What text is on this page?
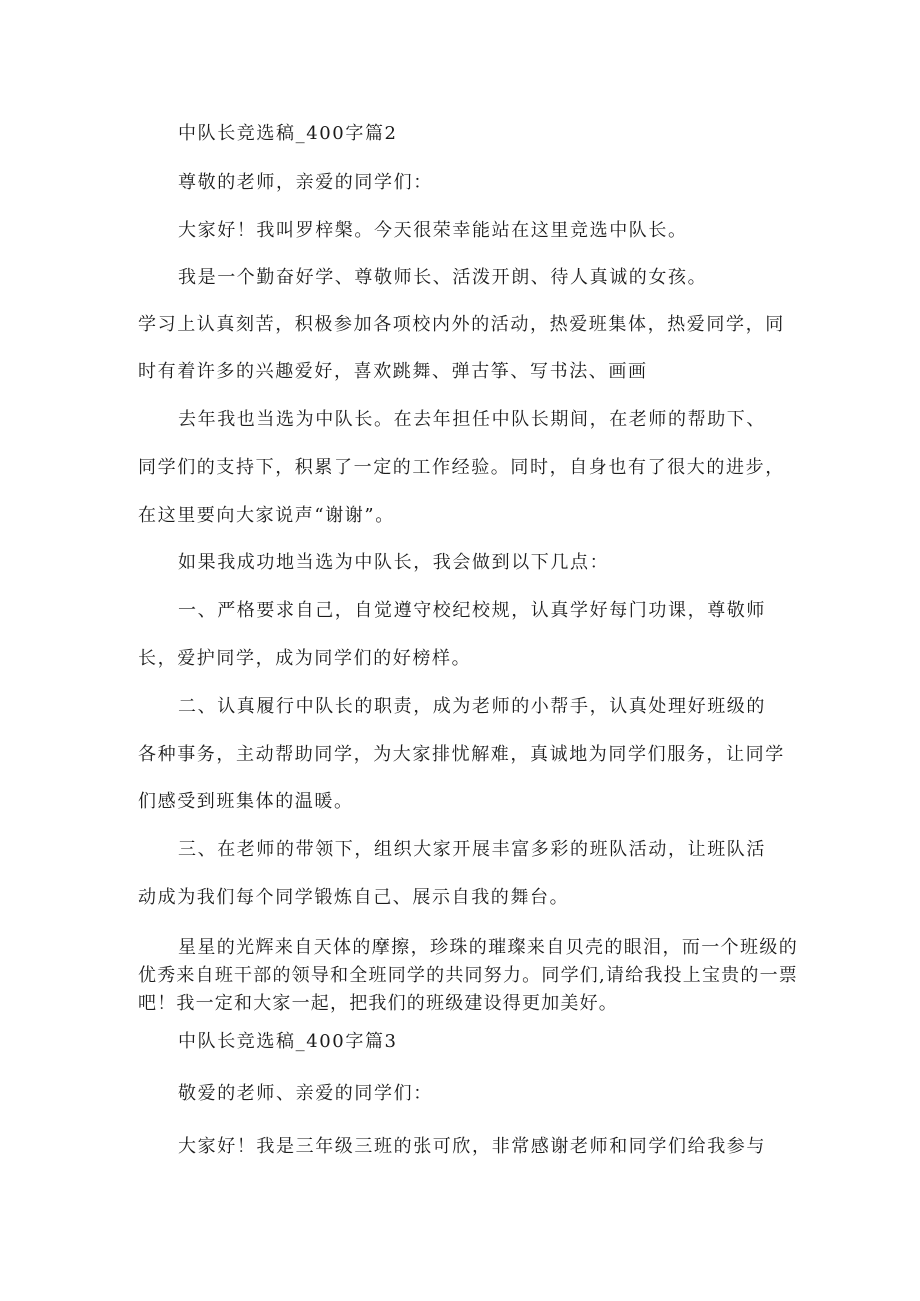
中队长竞选稿_400字篇2
尊敬的老师，亲爱的同学们：
大家好！我叫罗梓槃。今天很荣幸能站在这里竞选中队长。
我是一个勤奋好学、尊敬师长、活泼开朗、待人真诚的女孩。
学习上认真刻苦，积极参加各项校内外的活动，热爱班集体，热爱同学，同
时有着许多的兴趣爱好，喜欢跳舞、弹古筝、写书法、画画
去年我也当选为中队长。在去年担任中队长期间，在老师的帮助下、
同学们的支持下，积累了一定的工作经验。同时，自身也有了很大的进步，
在这里要向大家说声“谢谢”。
如果我成功地当选为中队长，我会做到以下几点：
一、严格要求自己，自觉遵守校纪校规，认真学好每门功课，尊敬师
长，爱护同学，成为同学们的好榜样。
二、认真履行中队长的职责，成为老师的小帮手，认真处理好班级的
各种事务，主动帮助同学，为大家排忧解难，真诚地为同学们服务，让同学
们感受到班集体的温暖。
三、在老师的带领下，组织大家开展丰富多彩的班队活动，让班队活
动成为我们每个同学锻炼自己、展示自我的舞台。
星星的光辉来自天体的摩擦，珍珠的璀璨来自贝壳的眼泪，而一个班级的优秀来自班干部的领导和全班同学的共同努力。同学们,请给我投上宝贵的一票吧！我一定和大家一起，把我们的班级建设得更加美好。
中队长竞选稿_400字篇3
敬爱的老师、亲爱的同学们：
大家好！我是三年级三班的张可欣，非常感谢老师和同学们给我参与
